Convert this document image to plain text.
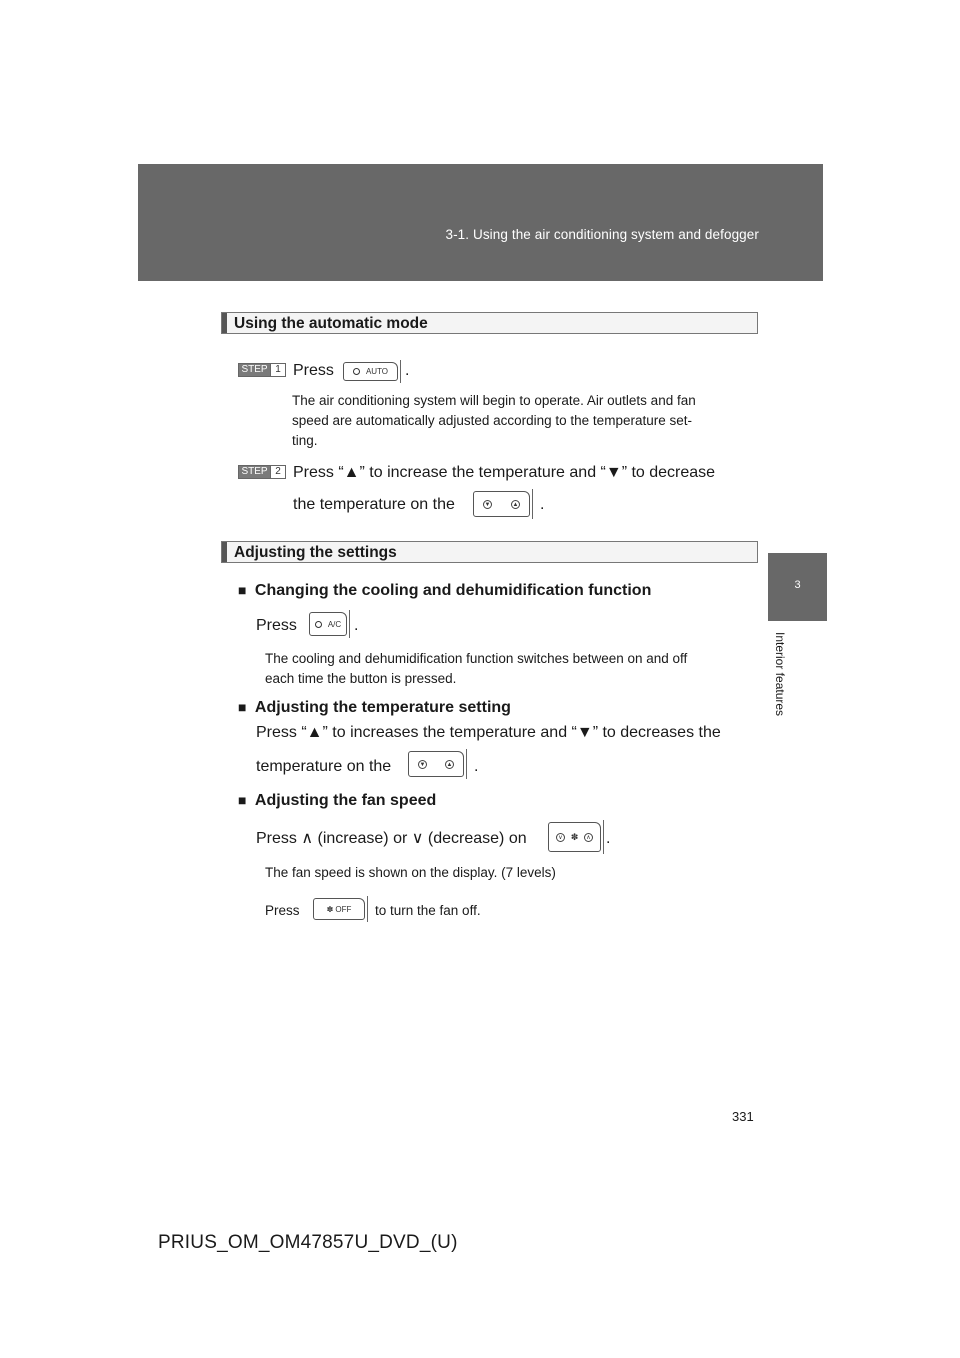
3-1. Using the air conditioning system and defogger
3
Interior features
Using the automatic mode
STEP 1 Press	AUTO .
The air conditioning system will begin to operate. Air outlets and fan
speed are automatically adjusted according to the temperature set-
ting.
STEP 2 Press “▲” to increase the temperature and “▼” to decrease
the temperature on the	▼	▲ .
Adjusting the settings
■ Changing the cooling and dehumidification function
Press	A/C .
The cooling and dehumidification function switches between on and off
each time the button is pressed.
■ Adjusting the temperature setting
Press “▲” to increases the temperature and “▼” to decreases the
temperature on the	▼	▲ .
■ Adjusting the fan speed
Press ∧ (increase) or ∨ (decrease) on	∨ ✽	∧ .
The fan speed is shown on the display. (7 levels)
Press	✽ OFF to turn the fan off.
331
PRIUS_OM_OM47857U_DVD_(U)
